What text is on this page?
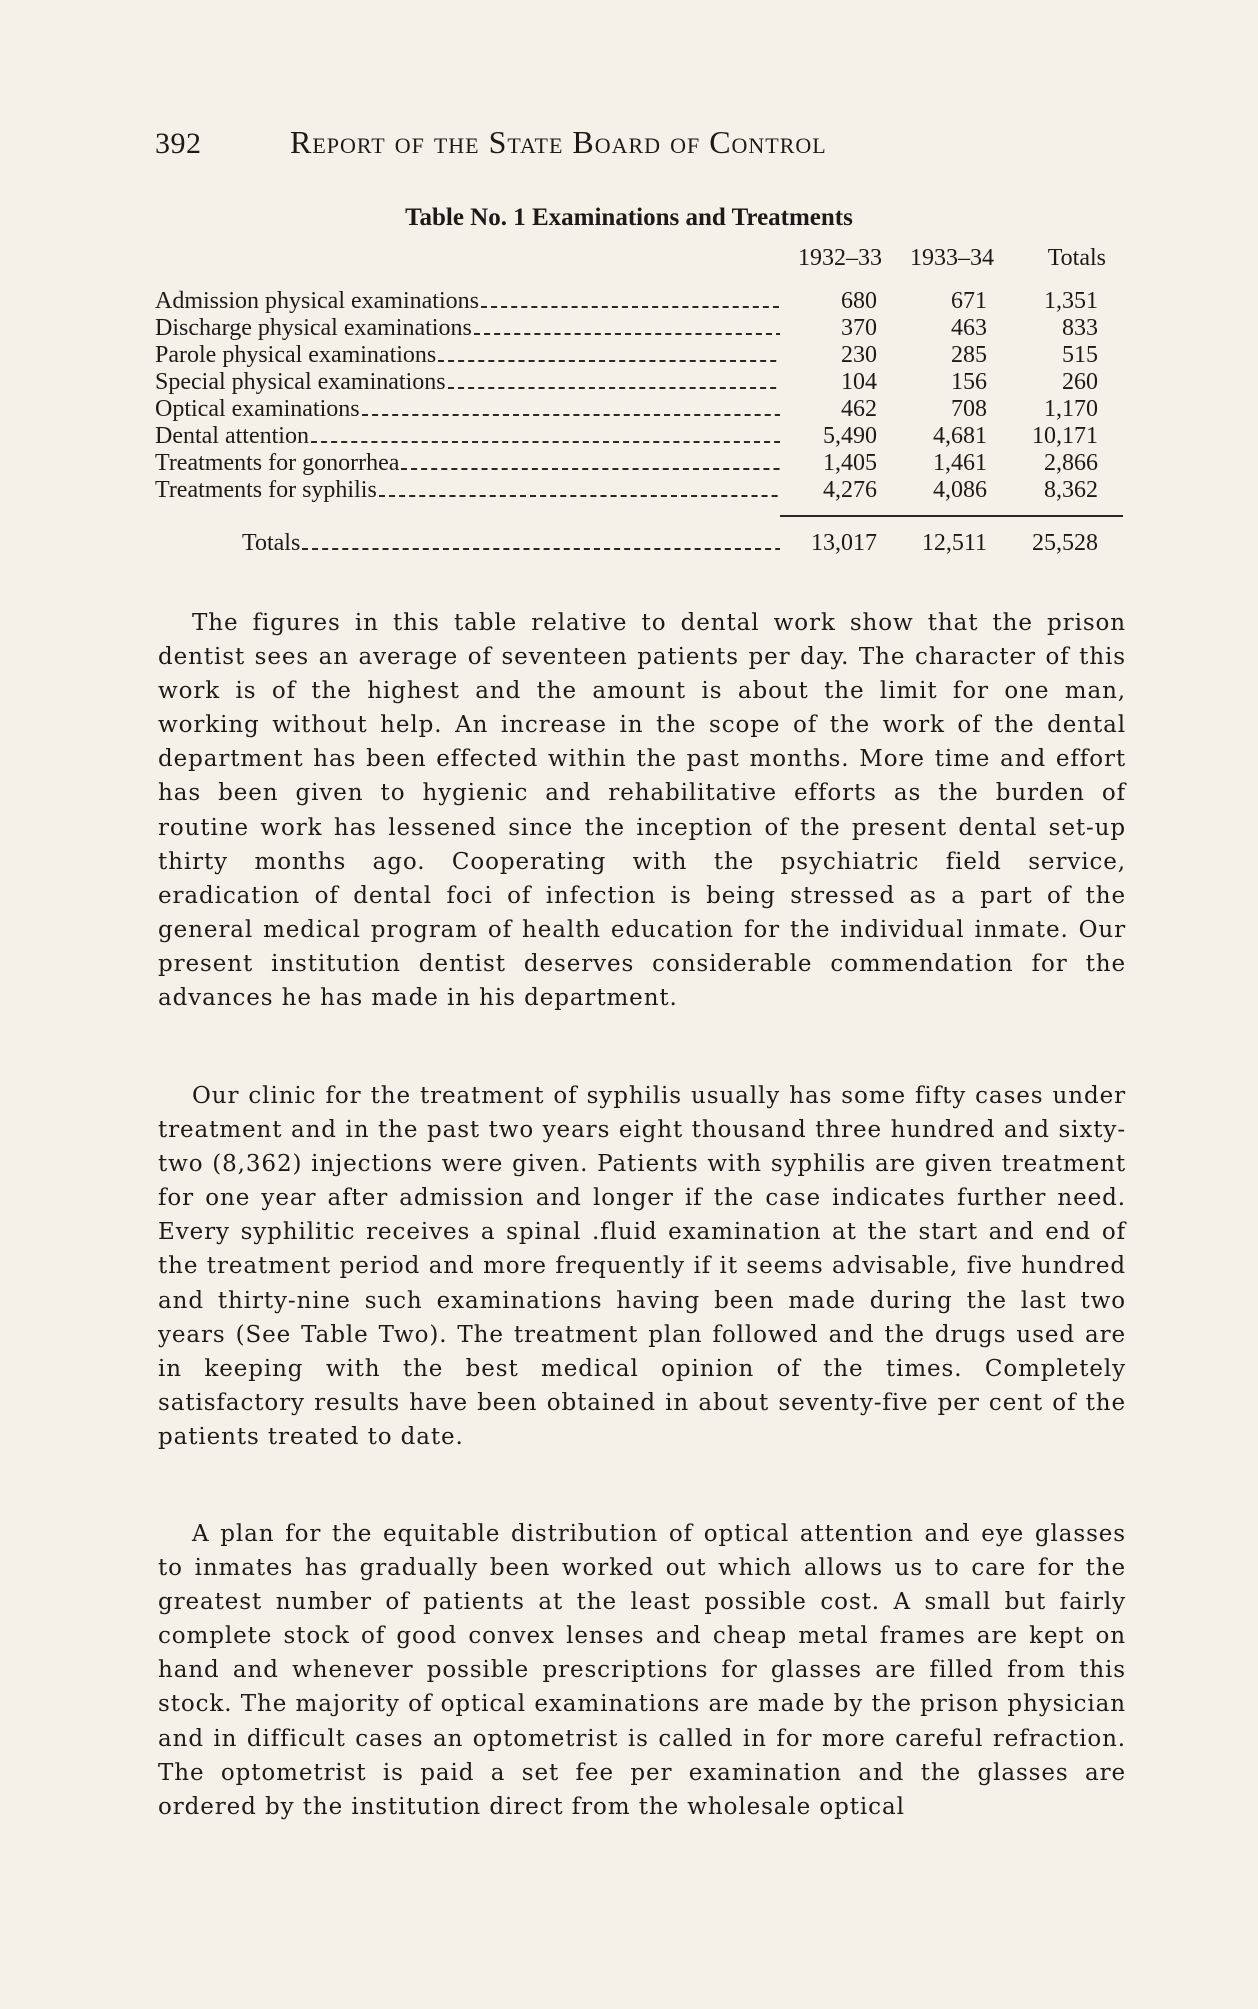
392	Report of the State Board of Control
Table No. 1 Examinations and Treatments
1932–33	1933–34	Totals
Admission physical examinations	680	671	1,351
Discharge physical examinations	370	463	833
Parole physical examinations	230	285	515
Special physical examinations	104	156	260
Optical examinations	462	708	1,170
Dental attention	5,490	4,681	10,171
Treatments for gonorrhea	1,405	1,461	2,866
Treatments for syphilis	4,276	4,086	8,362
Totals	13,017	12,511	25,528

The figures in this table relative to dental work show that the prison dentist sees an average of seventeen patients per day. The character of this work is of the highest and the amount is about the limit for one man, working without help. An increase in the scope of the work of the dental department has been effected within the past months. More time and effort has been given to hygienic and rehabilitative efforts as the burden of routine work has lessened since the inception of the present dental set-up thirty months ago. Cooperating with the psychiatric field service, eradication of dental foci of infection is being stressed as a part of the general medical program of health education for the individual inmate. Our present institution dentist deserves considerable commendation for the advances he has made in his department.

Our clinic for the treatment of syphilis usually has some fifty cases under treatment and in the past two years eight thousand three hundred and sixty-two (8,362) injections were given. Patients with syphilis are given treatment for one year after admission and longer if the case indicates further need. Every syphilitic receives a spinal .fluid examination at the start and end of the treatment period and more frequently if it seems advisable, five hundred and thirty-nine such examinations having been made during the last two years (See Table Two). The treatment plan followed and the drugs used are in keeping with the best medical opinion of the times. Completely satisfactory results have been obtained in about seventy-five per cent of the patients treated to date.

A plan for the equitable distribution of optical attention and eye glasses to inmates has gradually been worked out which allows us to care for the greatest number of patients at the least possible cost. A small but fairly complete stock of good convex lenses and cheap metal frames are kept on hand and whenever possible prescriptions for glasses are filled from this stock. The majority of optical examinations are made by the prison physician and in difficult cases an optometrist is called in for more careful refraction. The optometrist is paid a set fee per examination and the glasses are ordered by the institution direct from the wholesale optical
